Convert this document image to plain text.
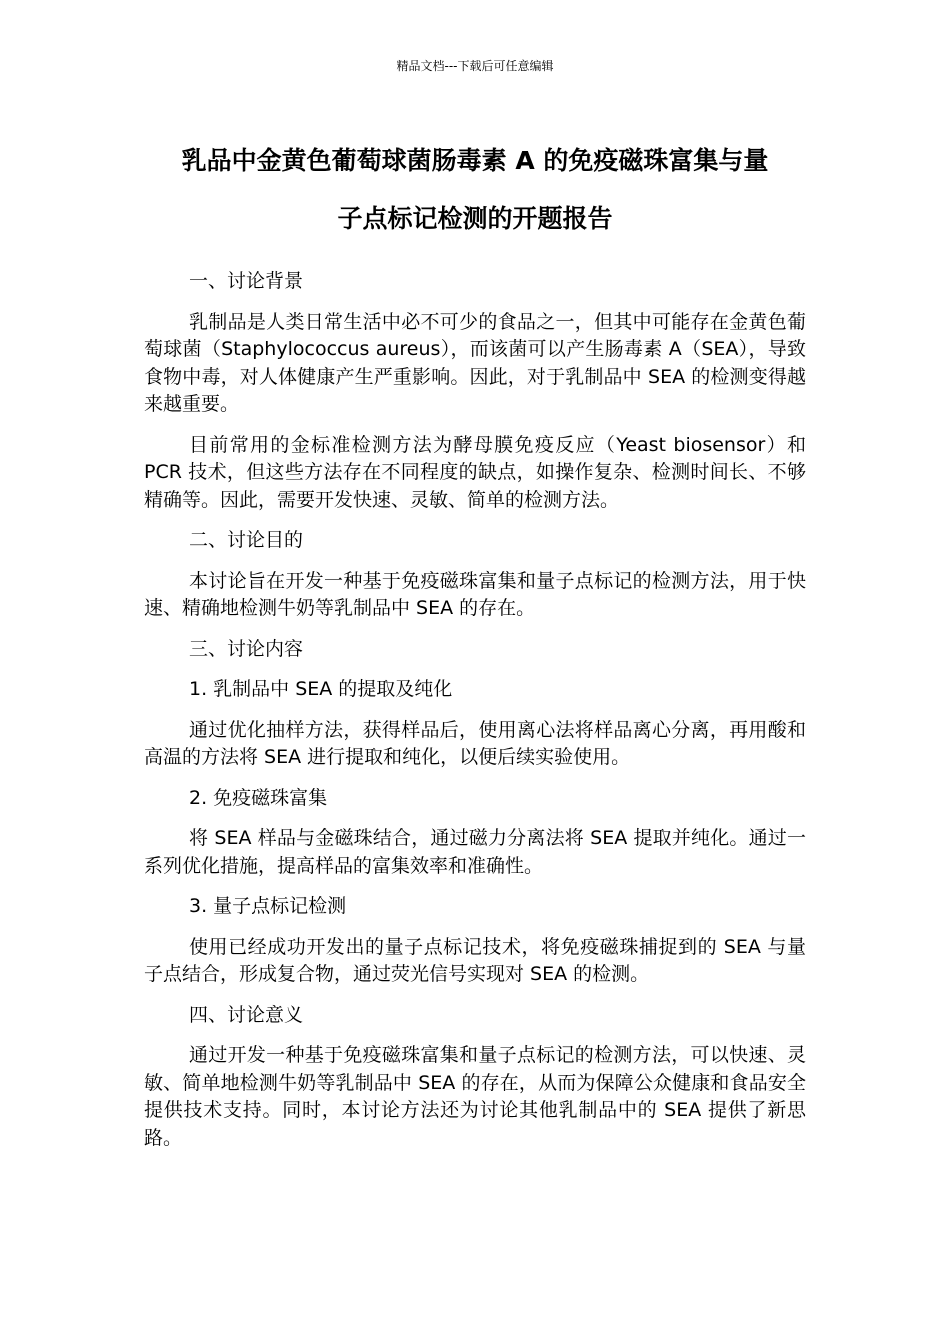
精品文档---下载后可任意编辑
乳品中金黄色葡萄球菌肠毒素 A 的免疫磁珠富集与量
子点标记检测的开题报告

一、讨论背景

乳制品是人类日常生活中必不可少的食品之一，但其中可能存在金黄色葡萄球菌（Staphylococcus aureus），而该菌可以产生肠毒素 A（SEA），导致食物中毒，对人体健康产生严重影响。因此，对于乳制品中 SEA 的检测变得越来越重要。

目前常用的金标准检测方法为酵母膜免疫反应（Yeast biosensor）和 PCR 技术，但这些方法存在不同程度的缺点，如操作复杂、检测时间长、不够精确等。因此，需要开发快速、灵敏、简单的检测方法。

二、讨论目的

本讨论旨在开发一种基于免疫磁珠富集和量子点标记的检测方法，用于快速、精确地检测牛奶等乳制品中 SEA 的存在。

三、讨论内容

1. 乳制品中 SEA 的提取及纯化

通过优化抽样方法，获得样品后，使用离心法将样品离心分离，再用酸和高温的方法将 SEA 进行提取和纯化，以便后续实验使用。

2. 免疫磁珠富集

将 SEA 样品与金磁珠结合，通过磁力分离法将 SEA 提取并纯化。通过一系列优化措施，提高样品的富集效率和准确性。

3. 量子点标记检测

使用已经成功开发出的量子点标记技术，将免疫磁珠捕捉到的 SEA 与量子点结合，形成复合物，通过荧光信号实现对 SEA 的检测。

四、讨论意义

通过开发一种基于免疫磁珠富集和量子点标记的检测方法，可以快速、灵敏、简单地检测牛奶等乳制品中 SEA 的存在，从而为保障公众健康和食品安全提供技术支持。同时，本讨论方法还为讨论其他乳制品中的 SEA 提供了新思路。
